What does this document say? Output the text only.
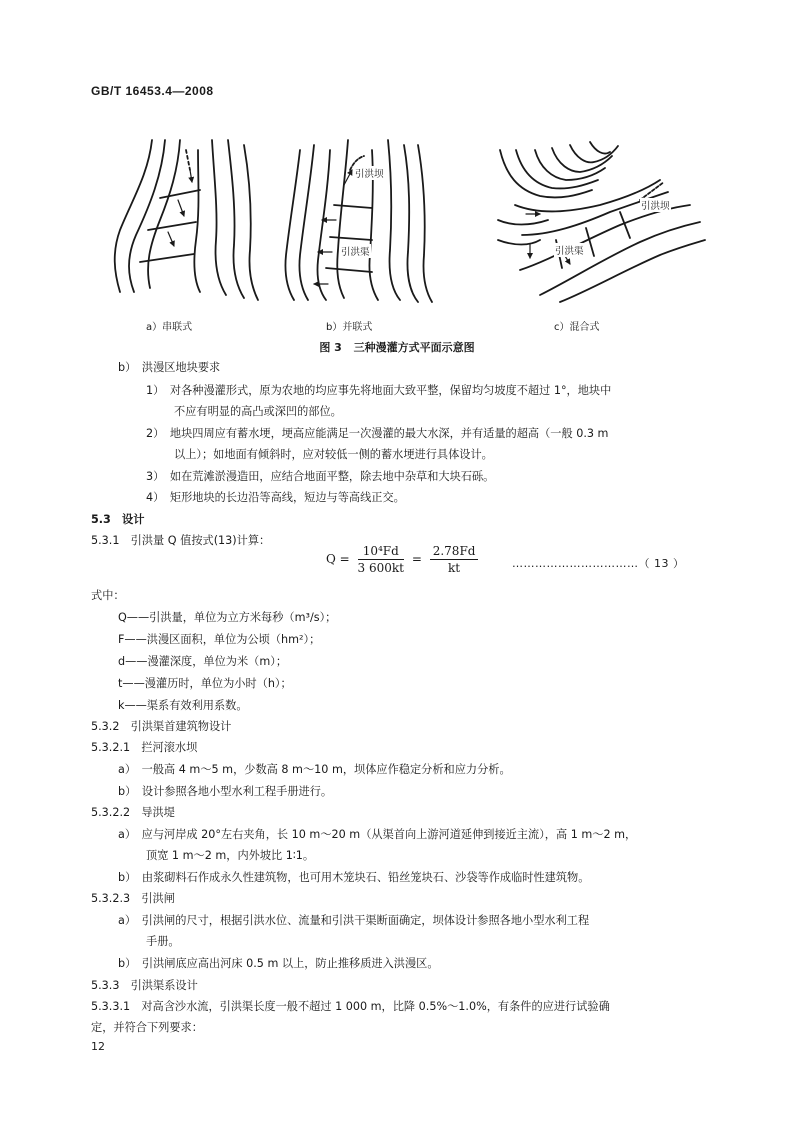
GB/T 16453.4—2008
引洪坝
引洪渠
引洪坝
引洪渠
a）串联式	b）并联式	c）混合式
图 3 三种漫灌方式平面示意图
b）　洪漫区地块要求
1）　对各种漫灌形式，原为农地的均应事先将地面大致平整，保留均匀坡度不超过 1°，地块中
不应有明显的高凸或深凹的部位。
2）　地块四周应有蓄水埂，埂高应能满足一次漫灌的最大水深，并有适量的超高（一般 0.3 m
以上）；如地面有倾斜时，应对较低一侧的蓄水埂进行具体设计。
3）　如在荒滩淤漫造田，应结合地面平整，除去地中杂草和大块石砾。
4）　矩形地块的长边沿等高线，短边与等高线正交。
5.3　设计
5.3.1　引洪量 Q 值按式(13)计算：
$Q = \frac{\text{10⁴Fd}}{3 600kt} = \frac{2.78Fd}{kt}$	……………………………（ 13 ）
式中：
Q——引洪量，单位为立方米每秒（m³/s）；
F——洪漫区面积，单位为公顷（hm²）；
d——漫灌深度，单位为米（m）；
t——漫灌历时，单位为小时（h）；
k——渠系有效利用系数。
5.3.2　引洪渠首建筑物设计
5.3.2.1　拦河滚水坝
a）　一般高 4 m～5 m，少数高 8 m～10 m，坝体应作稳定分析和应力分析。
b）　设计参照各地小型水利工程手册进行。
5.3.2.2　导洪堤
a）　应与河岸成 20°左右夹角，长 10 m～20 m（从渠首向上游河道延伸到接近主流），高 1 m～2 m，
顶宽 1 m～2 m，内外坡比 1∶1。
b）　由浆砌料石作成永久性建筑物，也可用木笼块石、铅丝笼块石、沙袋等作成临时性建筑物。
5.3.2.3　引洪闸
a）　引洪闸的尺寸，根据引洪水位、流量和引洪干渠断面确定，坝体设计参照各地小型水利工程
手册。
b）　引洪闸底应高出河床 0.5 m 以上，防止推移质进入洪漫区。
5.3.3　引洪渠系设计
5.3.3.1　对高含沙水流，引洪渠长度一般不超过 1 000 m，比降 0.5%～1.0%，有条件的应进行试验确
定，并符合下列要求：
12
